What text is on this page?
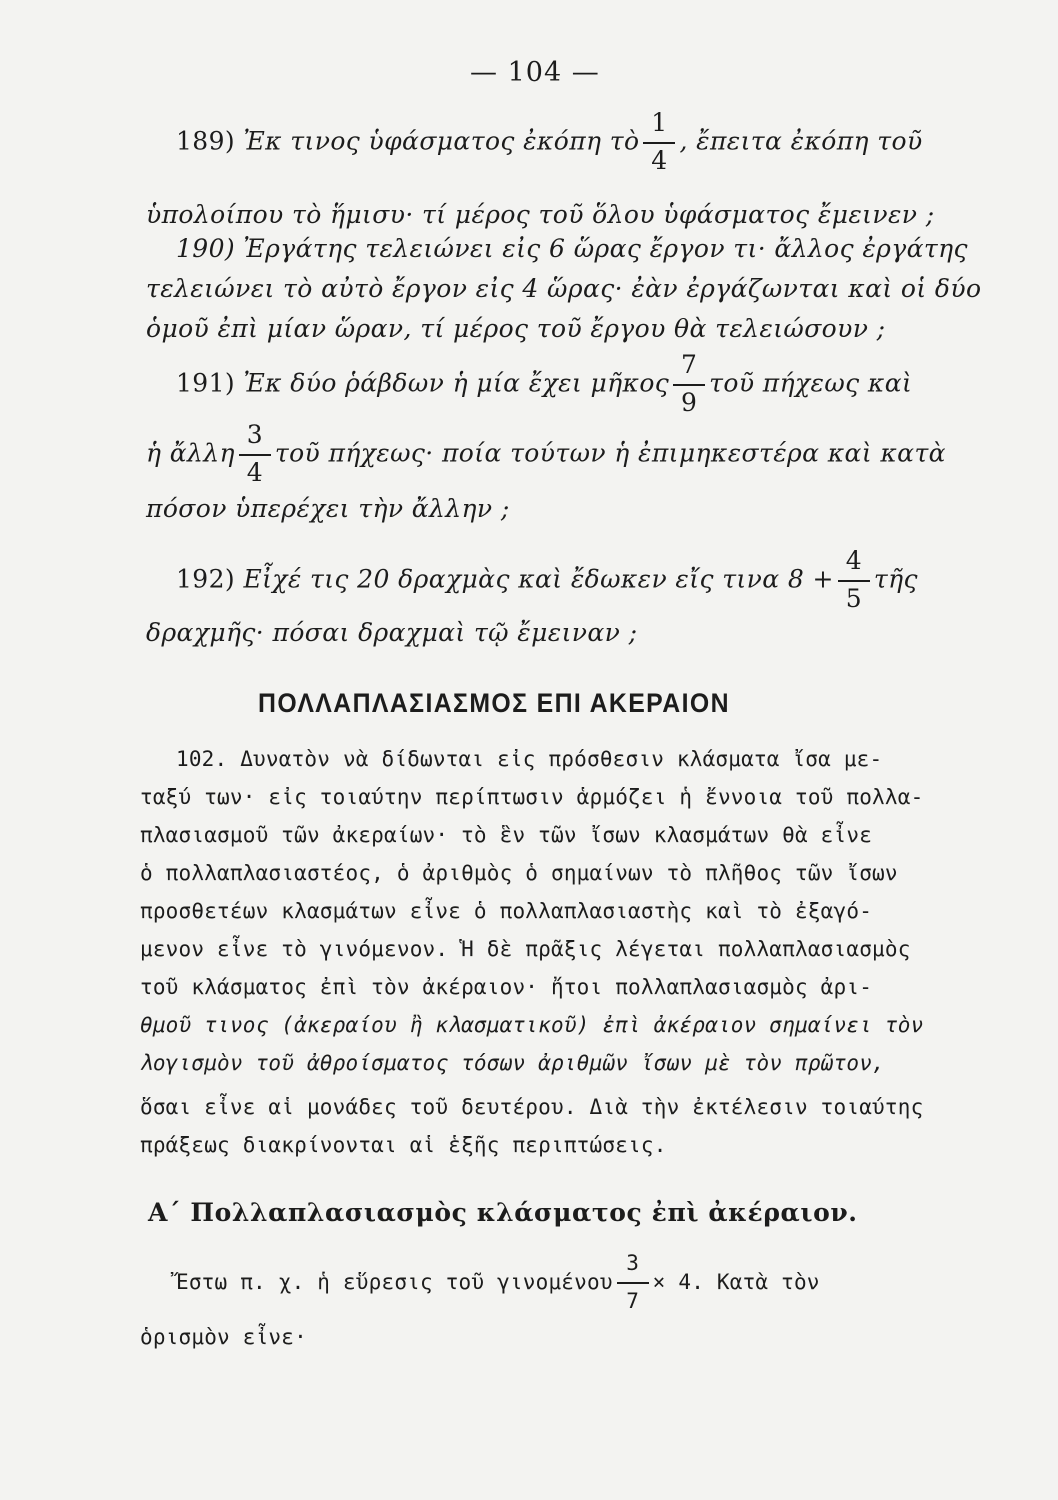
— 104 —
189) Ἐκ τινος ὑφάσματος ἐκόπη τὸ $\frac{1}{4}$ , ἔπειτα ἐκόπη τοῦ
ὑπολοίπου τὸ ἥμισυ· τί μέρος τοῦ ὅλου ὑφάσματος ἔμεινεν ;
190) Ἐργάτης τελειώνει εἰς 6 ὥρας ἔργον τι· ἄλλος ἐργάτης
τελειώνει τὸ αὐτὸ ἔργον εἰς 4 ὥρας· ἐὰν ἐργάζωνται καὶ οἱ δύο
ὁμοῦ ἐπὶ μίαν ὥραν, τί μέρος τοῦ ἔργου θὰ τελειώσουν ;
191) Ἐκ δύο ῥάβδων ἡ μία ἔχει μῆκος $\frac{7}{9}$ τοῦ πήχεως καὶ
ἡ ἄλλη $\frac{3}{4}$ τοῦ πήχεως· ποία τούτων ἡ ἐπιμηκεστέρα καὶ κατὰ
πόσον ὑπερέχει τὴν ἄλλην ;
192) Εἶχέ τις 20 δραχμὰς καὶ ἔδωκεν εἴς τινα $8 + \frac{4}{5}$ τῆς
δραχμῆς· πόσαι δραχμαὶ τῷ ἔμειναν ;
ΠΟΛΛΑΠΛΑΣΙΑΣΜΟΣ ΕΠΙ ΑΚΕΡΑΙΟΝ
102. Δυνατὸν νὰ δίδωνται εἰς πρόσθεσιν κλάσματα ἴσα με-
ταξύ των· εἰς τοιαύτην περίπτωσιν ἁρμόζει ἡ ἔννοια τοῦ πολλα-
πλασιασμοῦ τῶν ἀκεραίων· τὸ ἓν τῶν ἴσων κλασμάτων θὰ εἶνε
ὁ πολλαπλασιαστέος, ὁ ἀριθμὸς ὁ σημαίνων τὸ πλῆθος τῶν ἴσων
προσθετέων κλασμάτων εἶνε ὁ πολλαπλασιαστὴς καὶ τὸ ἐξαγό-
μενον εἶνε τὸ γινόμενον. Ἡ δὲ πρᾶξις λέγεται πολλαπλασιασμὸς
τοῦ κλάσματος ἐπὶ τὸν ἀκέραιον· ἤτοι πολλαπλασιασμὸς ἀρι-
θμοῦ τινος (ἀκεραίου ἢ κλασματικοῦ) ἐπὶ ἀκέραιον σημαίνει τὸν
λογισμὸν τοῦ ἀθροίσματος τόσων ἀριθμῶν ἴσων μὲ τὸν πρῶτον,
ὅσαι εἶνε αἱ μονάδες τοῦ δευτέρου. Διὰ τὴν ἐκτέλεσιν τοιαύτης
πράξεως διακρίνονται αἱ ἑξῆς περιπτώσεις.
Α΄ Πολλαπλασιασμὸς κλάσματος ἐπὶ ἀκέραιον.
Ἔστω π. χ. ἡ εὕρεσις τοῦ γινομένου $\frac{3}{7} \times 4$. Κατὰ τὸν
ὁρισμὸν εἶνε·
